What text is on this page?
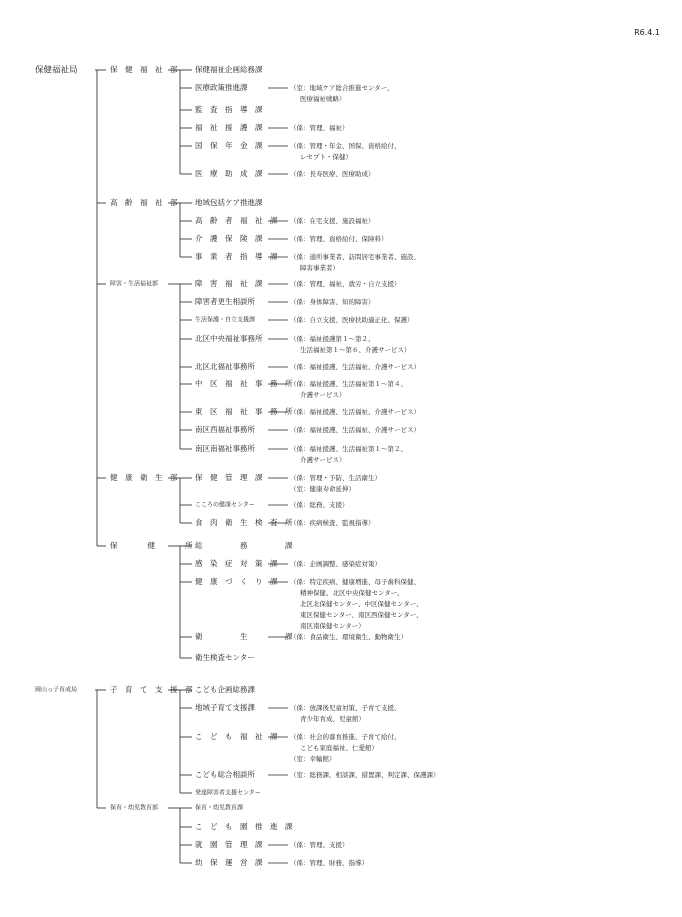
R6.4.1
保健福祉局	保　健　福　祉　部 保健福祉企画総務課
医療政策推進課	（室：地域ケア総合推進センター、
医療福祉戦略）
監　査　指　導　課
福　祉　援　護　課	（係：管理、福祉）
国　保　年　金　課	（係：管理・年金、国保、資格給付、
レセプト・保健）
医　療　助　成　課	（係：長寿医療、医療助成）
高　齢　福　祉　部 地域包括ケア推進課
高　齢　者　福　祉　課 （係：在宅支援、施設福祉）
介　護　保　険　課	（係：管理、資格給付、保険料）
事　業　者　指　導　課 （係：通所事業者、訪問居宅事業者、施設、
障害事業者）
障害・生活福祉部	障　害　福　祉　課	（係：管理、福祉、就労・自立支援）
障害者更生相談所	（係：身体障害、知的障害）
生活保護・自立支援課	（係：自立支援、医療扶助適正化、保護）
北区中央福祉事務所	（係：福祉援護第１～第２、
生活福祉第１～第６、介護サービス）
北区北福祉事務所	（係：福祉援護、生活福祉、介護サービス）
中　区　福　祉　事　務　所
（係：福祉援護、生活福祉第１～第４、
介護サービス）
東　区　福　祉　事　務　所
（係：福祉援護、生活福祉、介護サービス）
南区西福祉事務所	（係：福祉援護、生活福祉、介護サービス）
南区南福祉事務所	（係：福祉援護、生活福祉第１～第２、
介護サービス）
健　康　衛　生　部 保　健　管　理　課	（係：管理・予防、生活衛生）
（室：健康寿命延伸）
こころの健康センター	（係：総務、支援）
食　肉　衛　生　検　査　所
（係：疾病検査、監視指導）
保　　　　健　　　　所 総　　　　　務　　　　　課
感　染　症　対　策　課 （係：企画調整、感染症対策）
健　康　づ　く　り　課 （係：特定疾病、健康増進、母子歯科保健、
精神保健、北区中央保健センター、
北区北保健センター、中区保健センター、
東区保健センター、南区西保健センター、
南区南保健センター）
衛　　　　　生　　　　　課
（係：食品衛生、環境衛生、動物衛生）
衛生検査センター
岡山っ子育成局	子　育　て　支　援　部 こども企画総務課
地域子育て支援課	（係：放課後児童対策、子育て支援、
青少年育成、児童館）
こ　ど　も　福　祉　課 （係：社会的養育推進、子育て給付、
こども家庭福祉、仁愛館）
（室：幸輪館）
こども総合相談所	（室：総務課、相談課、措置課、判定課、保護課）
発達障害者支援センター
保育・幼児教育部	保育・幼児教育課
こ　ど　も　園　推　進　課
就　園　管　理　課	（係：管理、支援）
幼　保　運　営　課	（係：管理、財務、指導）
